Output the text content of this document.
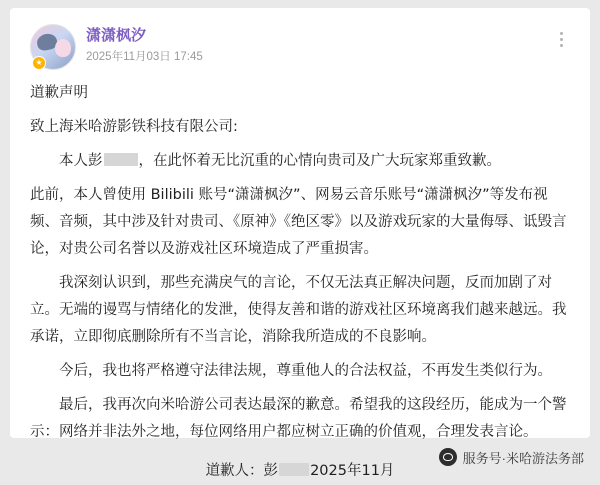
★
潇潇枫汐
2025年11月03日 17:45

道歉声明

致上海米哈游影铁科技有限公司:

本人彭 ，在此怀着无比沉重的心情向贵司及广大玩家郑重致歉。

此前，本人曾使用 Bilibili 账号“潇潇枫汐”、网易云音乐账号“潇潇枫汐”等发布视频、音频，其中涉及针对贵司、《原神》《绝区零》以及游戏玩家的大量侮辱、诋毁言论，对贵公司名誉以及游戏社区环境造成了严重损害。

我深刻认识到，那些充满戾气的言论，不仅无法真正解决问题，反而加剧了对立。无端的谩骂与情绪化的发泄，使得友善和谐的游戏社区环境离我们越来越远。我承诺，立即彻底删除所有不当言论，消除我所造成的不良影响。

今后，我也将严格遵守法律法规，尊重他人的合法权益，不再发生类似行为。

最后，我再次向米哈游公司表达最深的歉意。希望我的这段经历，能成为一个警示：网络并非法外之地，每位网络用户都应树立正确的价值观，合理发表言论。

道歉人：彭 2025年11月
服务号·米哈游法务部
